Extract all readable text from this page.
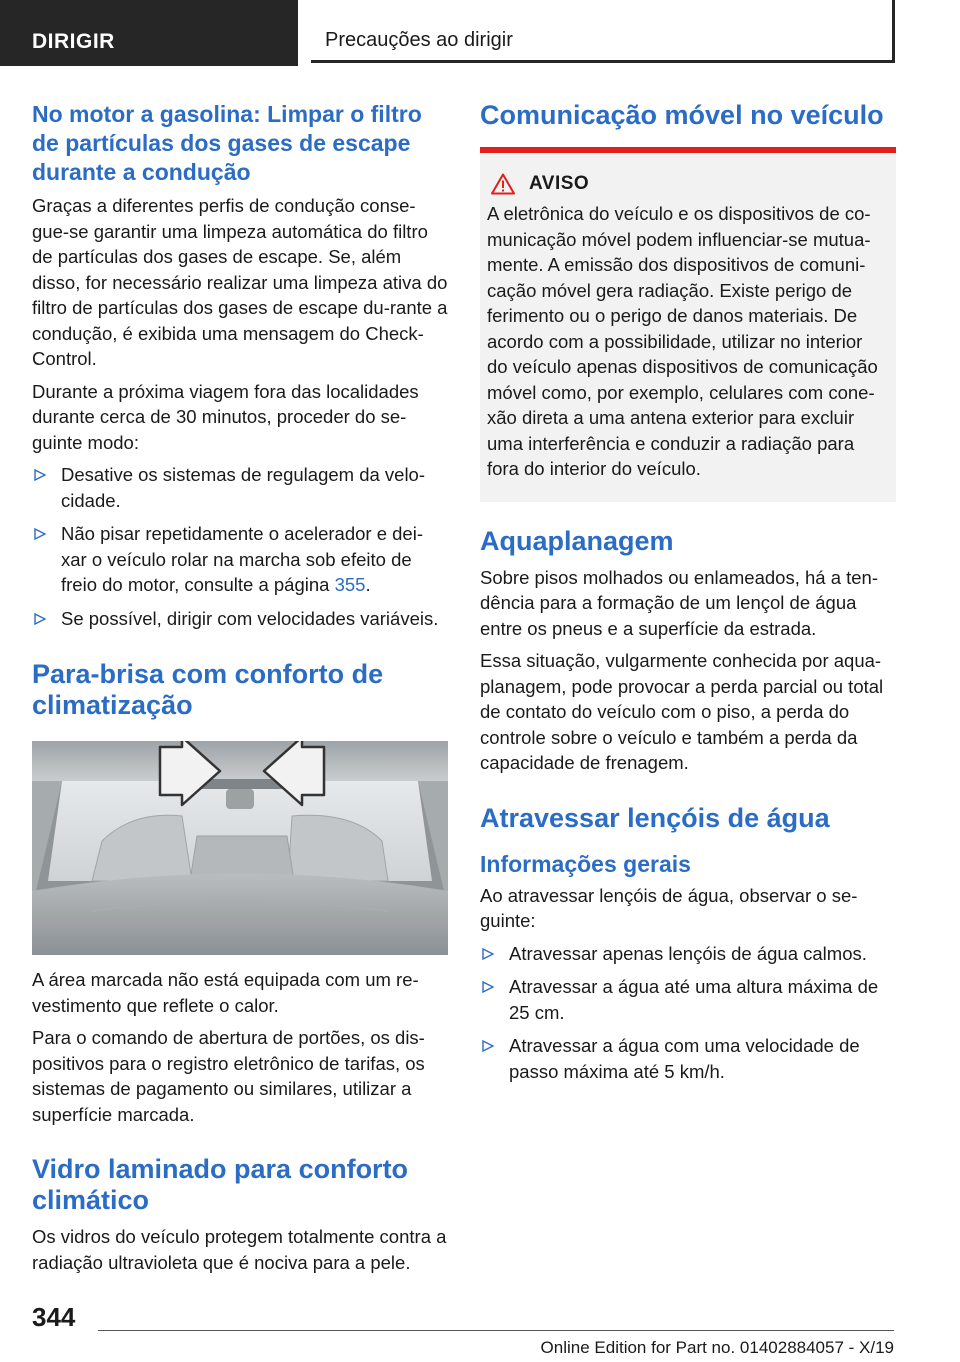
DIRIGIR	Precauções ao dirigir
No motor a gasolina: Limpar o filtro de partículas dos gases de escape durante a condução

Graças a diferentes perfis de condução conse-gue-se garantir uma limpeza automática do filtro de partículas dos gases de escape. Se, além disso, for necessário realizar uma limpeza ativa do filtro de partículas dos gases de escape du-rante a condução, é exibida uma mensagem do Check-Control.

Durante a próxima viagem fora das localidades durante cerca de 30 minutos, proceder do se-guinte modo:

Desative os sistemas de regulagem da velo-cidade.
Não pisar repetidamente o acelerador e dei-xar o veículo rolar na marcha sob efeito de freio do motor, consulte a página 355.
Se possível, dirigir com velocidades variáveis.
Para-brisa com conforto de climatização

A área marcada não está equipada com um re-vestimento que reflete o calor.

Para o comando de abertura de portões, os dis-positivos para o registro eletrônico de tarifas, os sistemas de pagamento ou similares, utilizar a superfície marcada.

Vidro laminado para conforto climático

Os vidros do veículo protegem totalmente contra a radiação ultravioleta que é nociva para a pele.

Comunicação móvel no veículo
AVISO

A eletrônica do veículo e os dispositivos de co-municação móvel podem influenciar-se mutua-mente. A emissão dos dispositivos de comuni-cação móvel gera radiação. Existe perigo de ferimento ou o perigo de danos materiais. De acordo com a possibilidade, utilizar no interior do veículo apenas dispositivos de comunicação móvel como, por exemplo, celulares com cone-xão direta a uma antena exterior para excluir uma interferência e conduzir a radiação para fora do interior do veículo.

Aquaplanagem

Sobre pisos molhados ou enlameados, há a ten-dência para a formação de um lençol de água entre os pneus e a superfície da estrada.

Essa situação, vulgarmente conhecida por aqua-planagem, pode provocar a perda parcial ou total de contato do veículo com o piso, a perda do controle sobre o veículo e também a perda da capacidade de frenagem.

Atravessar lençóis de água
Informações gerais

Ao atravessar lençóis de água, observar o se-guinte:

Atravessar apenas lençóis de água calmos.
Atravessar a água até uma altura máxima de 25 cm.
Atravessar a água com uma velocidade de passo máxima até 5 km/h.
344
Online Edition for Part no. 01402884057 - X/19
